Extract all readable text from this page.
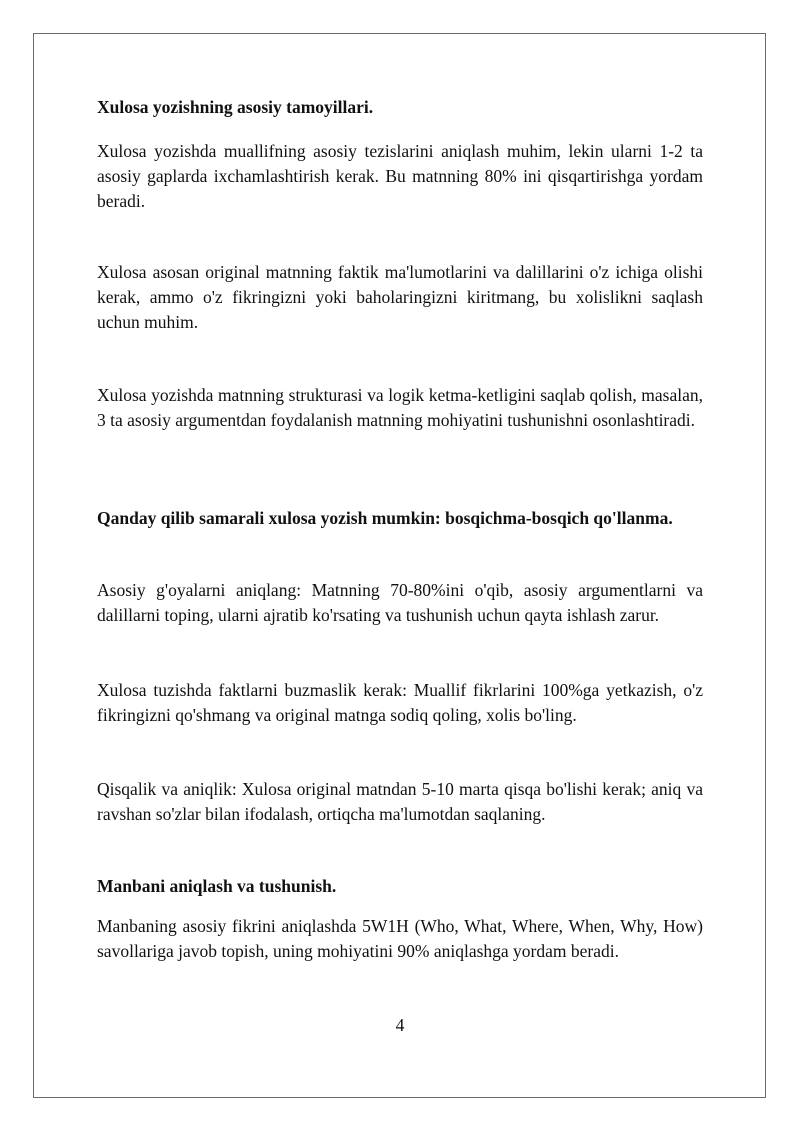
Xulosa yozishning asosiy tamoyillari.

Xulosa yozishda muallifning asosiy tezislarini aniqlash muhim, lekin ularni 1-2 ta asosiy gaplarda ixchamlashtirish kerak. Bu matnning 80% ini qisqartirishga yordam beradi.

Xulosa asosan original matnning faktik ma'lumotlarini va dalillarini o'z ichiga olishi kerak, ammo o'z fikringizni yoki baholaringizni kiritmang, bu xolislikni saqlash uchun muhim.

Xulosa yozishda matnning strukturasi va logik ketma-ketligini saqlab qolish, masalan, 3 ta asosiy argumentdan foydalanish matnning mohiyatini tushunishni osonlashtiradi.

Qanday qilib samarali xulosa yozish mumkin: bosqichma-bosqich qo'llanma.

Asosiy g'oyalarni aniqlang: Matnning 70-80%ini o'qib, asosiy argumentlarni va dalillarni toping, ularni ajratib ko'rsating va tushunish uchun qayta ishlash zarur.

Xulosa tuzishda faktlarni buzmaslik kerak: Muallif fikrlarini 100%ga yetkazish, o'z fikringizni qo'shmang va original matnga sodiq qoling, xolis bo'ling.

Qisqalik va aniqlik: Xulosa original matndan 5-10 marta qisqa bo'lishi kerak; aniq va ravshan so'zlar bilan ifodalash, ortiqcha ma'lumotdan saqlaning.

Manbani aniqlash va tushunish.

Manbaning asosiy fikrini aniqlashda 5W1H (Who, What, Where, When, Why, How) savollariga javob topish, uning mohiyatini 90% aniqlashga yordam beradi.

4
